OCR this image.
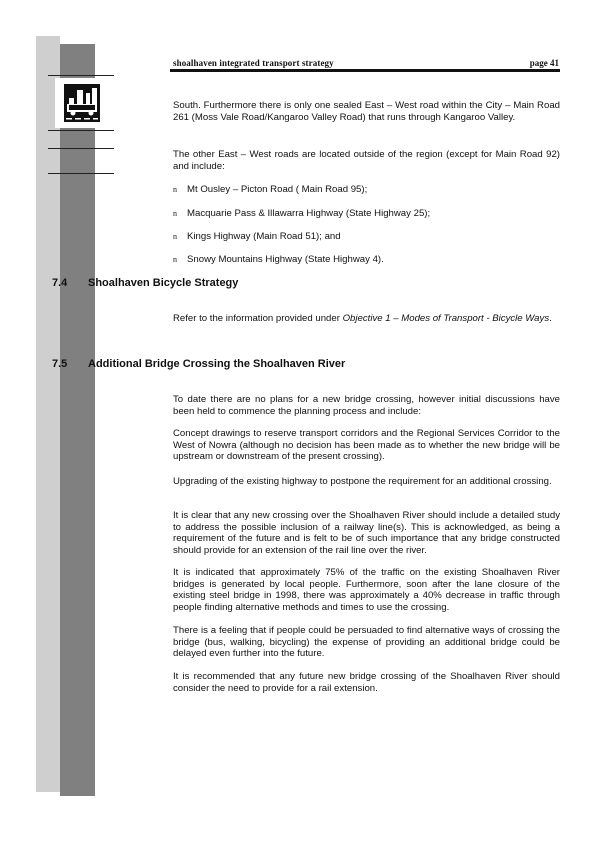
shoalhaven integrated transport strategy	page 41
South. Furthermore there is only one sealed East – West road within the City – Main Road 261 (Moss Vale Road/Kangaroo Valley Road) that runs through Kangaroo Valley.
The other East – West roads are located outside of the region (except for Main Road 92) and include:
n Mt Ousley – Picton Road ( Main Road 95);
n Macquarie Pass & Illawarra Highway (State Highway 25);
n Kings Highway (Main Road 51); and
n Snowy Mountains Highway (State Highway 4).
7.4 Shoalhaven Bicycle Strategy
Refer to the information provided under Objective 1 – Modes of Transport - Bicycle Ways.
7.5 Additional Bridge Crossing the Shoalhaven River
To date there are no plans for a new bridge crossing, however initial discussions have been held to commence the planning process and include:
Concept drawings to reserve transport corridors and the Regional Services Corridor to the West of Nowra (although no decision has been made as to whether the new bridge will be upstream or downstream of the present crossing).
Upgrading of the existing highway to postpone the requirement for an additional crossing.
It is clear that any new crossing over the Shoalhaven River should include a detailed study to address the possible inclusion of a railway line(s). This is acknowledged, as being a requirement of the future and is felt to be of such importance that any bridge constructed should provide for an extension of the rail line over the river.
It is indicated that approximately 75% of the traffic on the existing Shoalhaven River bridges is generated by local people. Furthermore, soon after the lane closure of the existing steel bridge in 1998, there was approximately a 40% decrease in traffic through people finding alternative methods and times to use the crossing.
There is a feeling that if people could be persuaded to find alternative ways of crossing the bridge (bus, walking, bicycling) the expense of providing an additional bridge could be delayed even further into the future.
It is recommended that any future new bridge crossing of the Shoalhaven River should consider the need to provide for a rail extension.
